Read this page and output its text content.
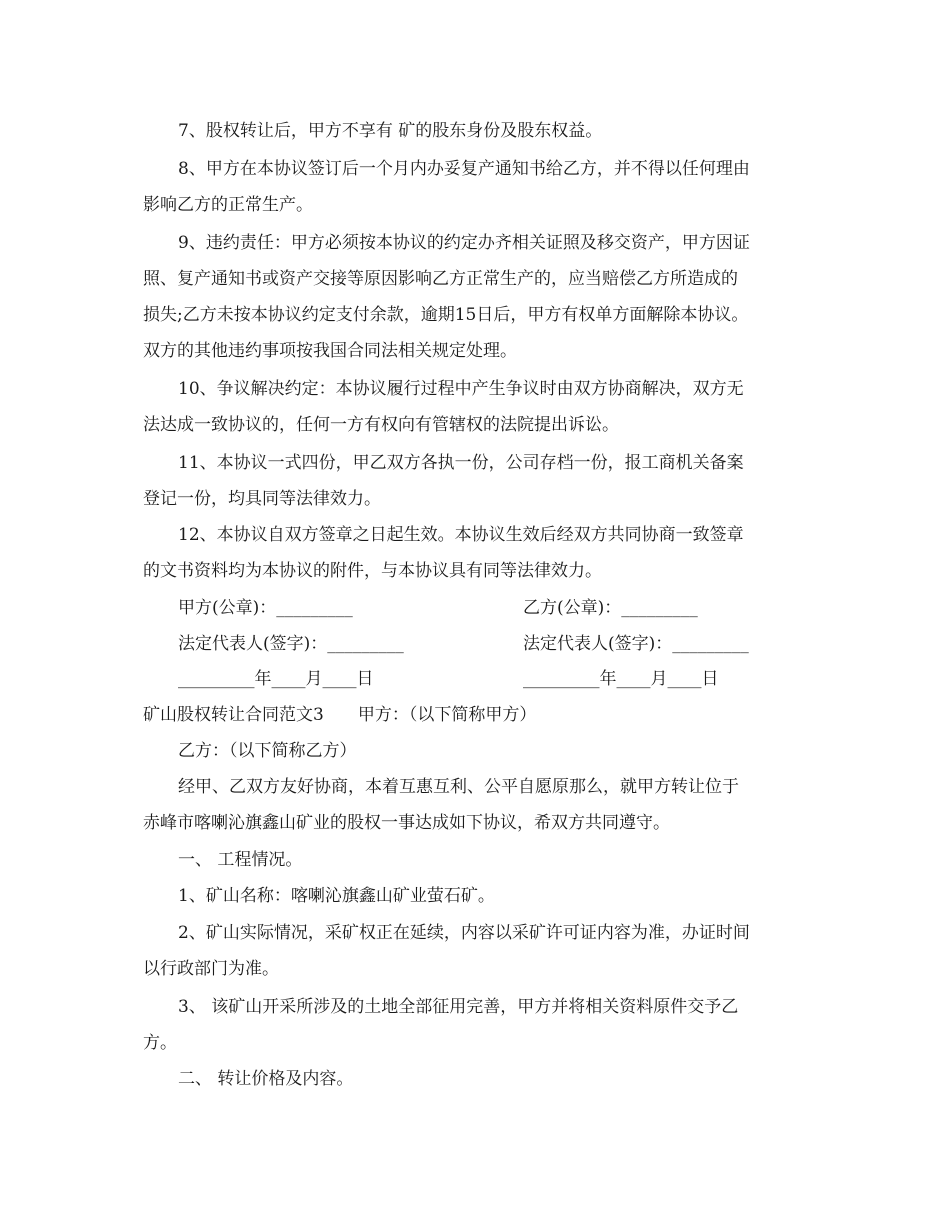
7、股权转让后，甲方不享有 矿的股东身份及股东权益。
8、甲方在本协议签订后一个月内办妥复产通知书给乙方，并不得以任何理由
影响乙方的正常生产。
9、违约责任：甲方必须按本协议的约定办齐相关证照及移交资产，甲方因证
照、复产通知书或资产交接等原因影响乙方正常生产的，应当赔偿乙方所造成的
损失;乙方未按本协议约定支付余款，逾期15日后，甲方有权单方面解除本协议。
双方的其他违约事项按我国合同法相关规定处理。
10、争议解决约定：本协议履行过程中产生争议时由双方协商解决，双方无
法达成一致协议的，任何一方有权向有管辖权的法院提出诉讼。
11、本协议一式四份，甲乙双方各执一份，公司存档一份，报工商机关备案
登记一份，均具同等法律效力。
12、本协议自双方签章之日起生效。本协议生效后经双方共同协商一致签章
的文书资料均为本协议的附件，与本协议具有同等法律效力。
甲方(公章)：_________	乙方(公章)：_________
法定代表人(签字)：_________	法定代表人(签字)：_________
_________年____月____日	_________年____月____日
矿山股权转让合同范文3　　甲方：（以下简称甲方）
乙方：（以下简称乙方）
经甲、乙双方友好协商，本着互惠互利、公平自愿原那么，就甲方转让位于
赤峰市喀喇沁旗鑫山矿业的股权一事达成如下协议，希双方共同遵守。
一、 工程情况。
1、矿山名称：喀喇沁旗鑫山矿业萤石矿。
2、矿山实际情况，采矿权正在延续，内容以采矿许可证内容为准，办证时间
以行政部门为准。
3、 该矿山开采所涉及的土地全部征用完善，甲方并将相关资料原件交予乙
方。
二、 转让价格及内容。
